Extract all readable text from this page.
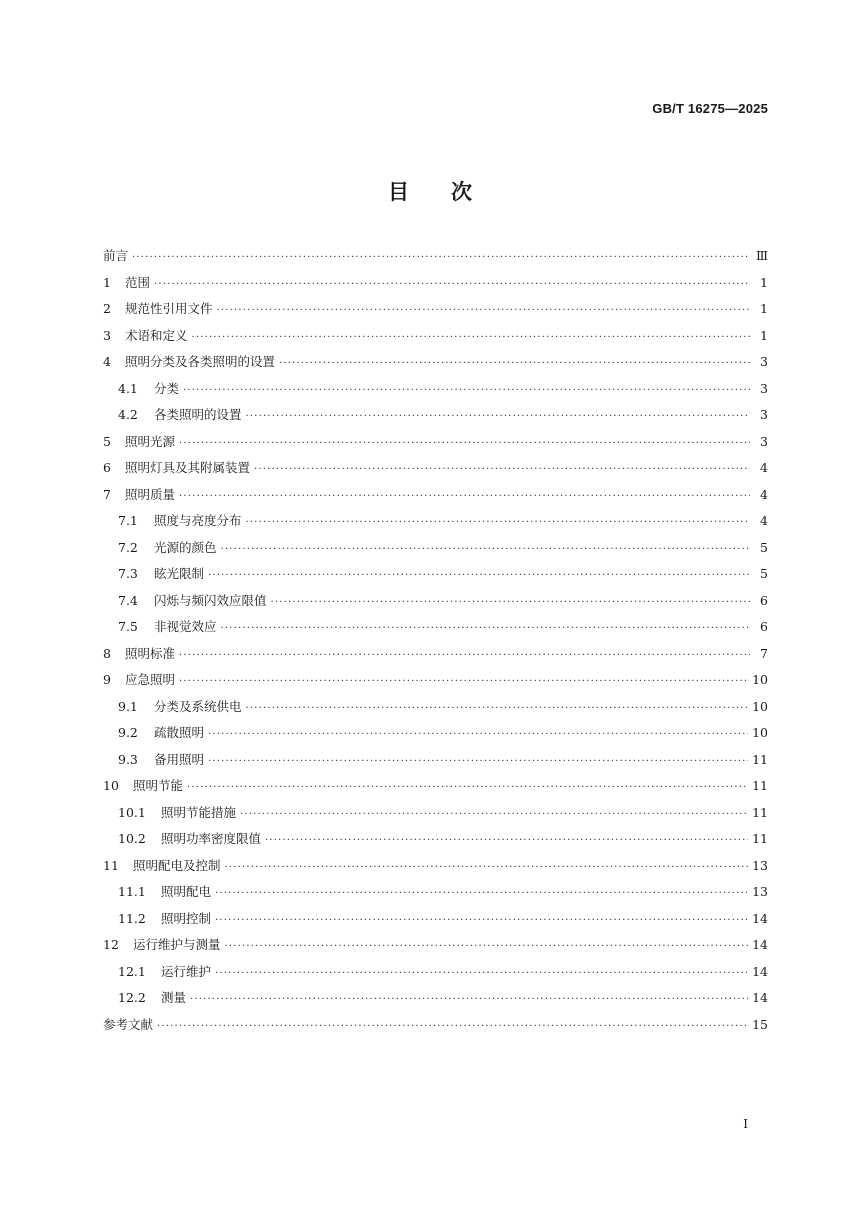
GB/T 16275—2025
目 次
前言 ·····	Ⅲ
1	范围 ·····	1
2	规范性引用文件 ·····	1
3	术语和定义 ·····	1
4	照明分类及各类照明的设置 ·····	3
4.1	分类 ·····	3
4.2	各类照明的设置 ·····	3
5	照明光源 ·····	3
6	照明灯具及其附属装置 ·····	4
7	照明质量 ·····	4
7.1	照度与亮度分布 ·····	4
7.2	光源的颜色 ·····	5
7.3	眩光限制 ·····	5
7.4	闪烁与频闪效应限值 ·····	6
7.5	非视觉效应 ·····	6
8	照明标准 ·····	7
9	应急照明 ·····	10
9.1	分类及系统供电 ·····	10
9.2	疏散照明 ·····	10
9.3	备用照明 ·····	11
10	照明节能 ·····	11
10.1	照明节能措施 ·····	11
10.2	照明功率密度限值 ·····	11
11	照明配电及控制 ·····	13
11.1	照明配电 ·····	13
11.2	照明控制 ·····	14
12	运行维护与测量 ·····	14
12.1	运行维护 ·····	14
12.2	测量 ·····	14
参考文献 ·····	15
I
